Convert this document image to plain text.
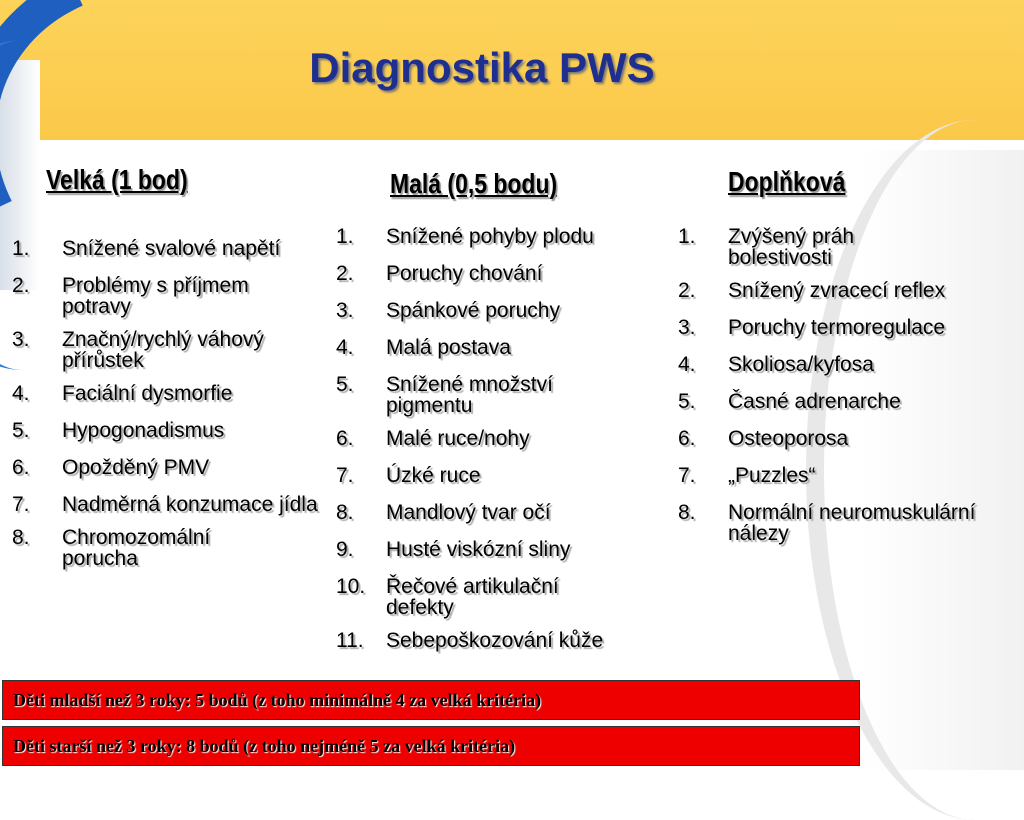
Diagnostika PWS
Velká (1 bod)	Malá (0,5 bodu)	Doplňková
1.	Snížené svalové napětí
2.	Problémy s příjmem potravy
3.	Značný/rychlý váhový přírůstek
4.	Faciální dysmorfie
5.	Hypogonadismus
6.	Opožděný PMV
7.	Nadměrná konzumace jídla
8.	Chromozomální porucha
1.	Snížené pohyby plodu
2.	Poruchy chování
3.	Spánkové poruchy
4.	Malá postava
5.	Snížené množství pigmentu
6.	Malé ruce/nohy
7.	Úzké ruce
8.	Mandlový tvar očí
9.	Husté viskózní sliny
10. Řečové artikulační defekty
11.	Sebepoškozování kůže
1.	Zvýšený práh bolestivosti
2.	Snížený zvracecí reflex
3.	Poruchy termoregulace
4.	Skoliosa/kyfosa
5.	Časné adrenarche
6.	Osteoporosa
7.	„Puzzles“
8.	Normální neuromuskulární nálezy
Děti mladší než 3 roky: 5 bodů (z toho minimálně 4 za velká kritéria)
Děti starší než 3 roky: 8 bodů (z toho nejméně 5 za velká kritéria)
